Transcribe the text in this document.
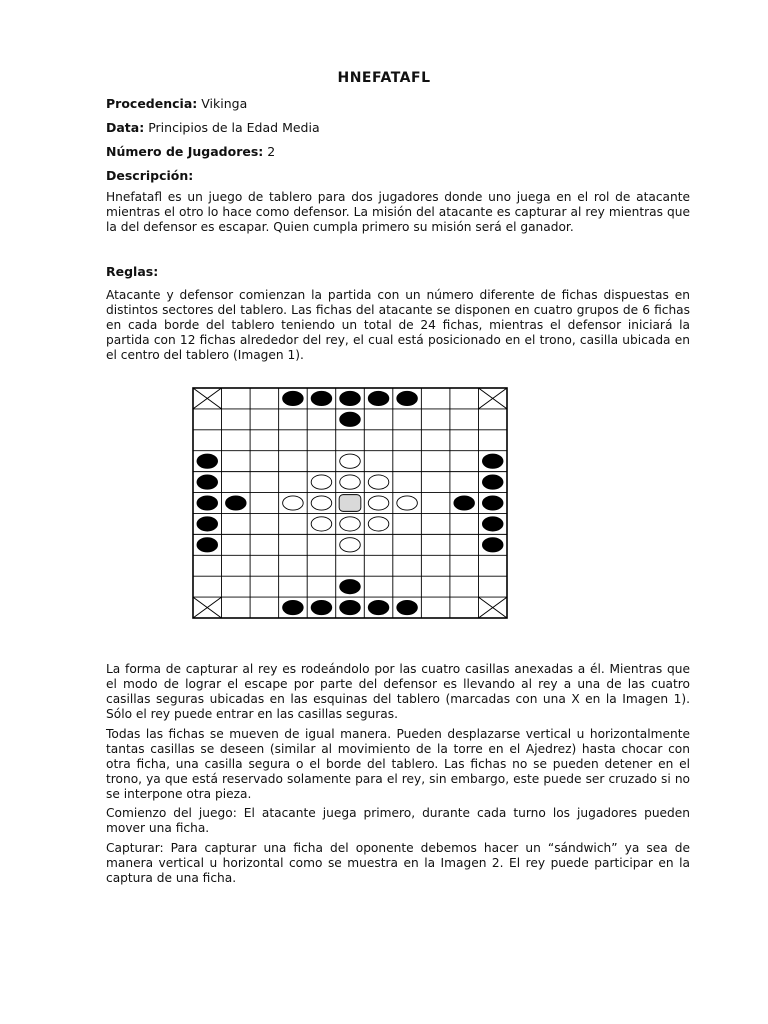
HNEFATAFL
Procedencia: Vikinga
Data: Principios de la Edad Media
Número de Jugadores: 2
Descripción:

Hnefatafl es un juego de tablero para dos jugadores donde uno juega en el rol de atacante mientras el otro lo hace como defensor. La misión del atacante es capturar al rey mientras que la del defensor es escapar. Quien cumpla primero su misión será el ganador.

Reglas:

Atacante y defensor comienzan la partida con un número diferente de fichas dispuestas en distintos sectores del tablero. Las fichas del atacante se disponen en cuatro grupos de 6 fichas en cada borde del tablero teniendo un total de 24 fichas, mientras el defensor iniciará la partida con 12 fichas alrededor del rey, el cual está posicionado en el trono, casilla ubicada en el centro del tablero (Imagen 1).

La forma de capturar al rey es rodeándolo por las cuatro casillas anexadas a él. Mientras que el modo de lograr el escape por parte del defensor es llevando al rey a una de las cuatro casillas seguras ubicadas en las esquinas del tablero (marcadas con una X en la Imagen 1). Sólo el rey puede entrar en las casillas seguras.

Todas las fichas se mueven de igual manera. Pueden desplazarse vertical u horizontalmente tantas casillas se deseen (similar al movimiento de la torre en el Ajedrez) hasta chocar con otra ficha, una casilla segura o el borde del tablero. Las fichas no se pueden detener en el trono, ya que está reservado solamente para el rey, sin embargo, este puede ser cruzado si no se interpone otra pieza.

Comienzo del juego: El atacante juega primero, durante cada turno los jugadores pueden mover una ficha.

Capturar: Para capturar una ficha del oponente debemos hacer un “sándwich” ya sea de manera vertical u horizontal como se muestra en la Imagen 2. El rey puede participar en la captura de una ficha.
